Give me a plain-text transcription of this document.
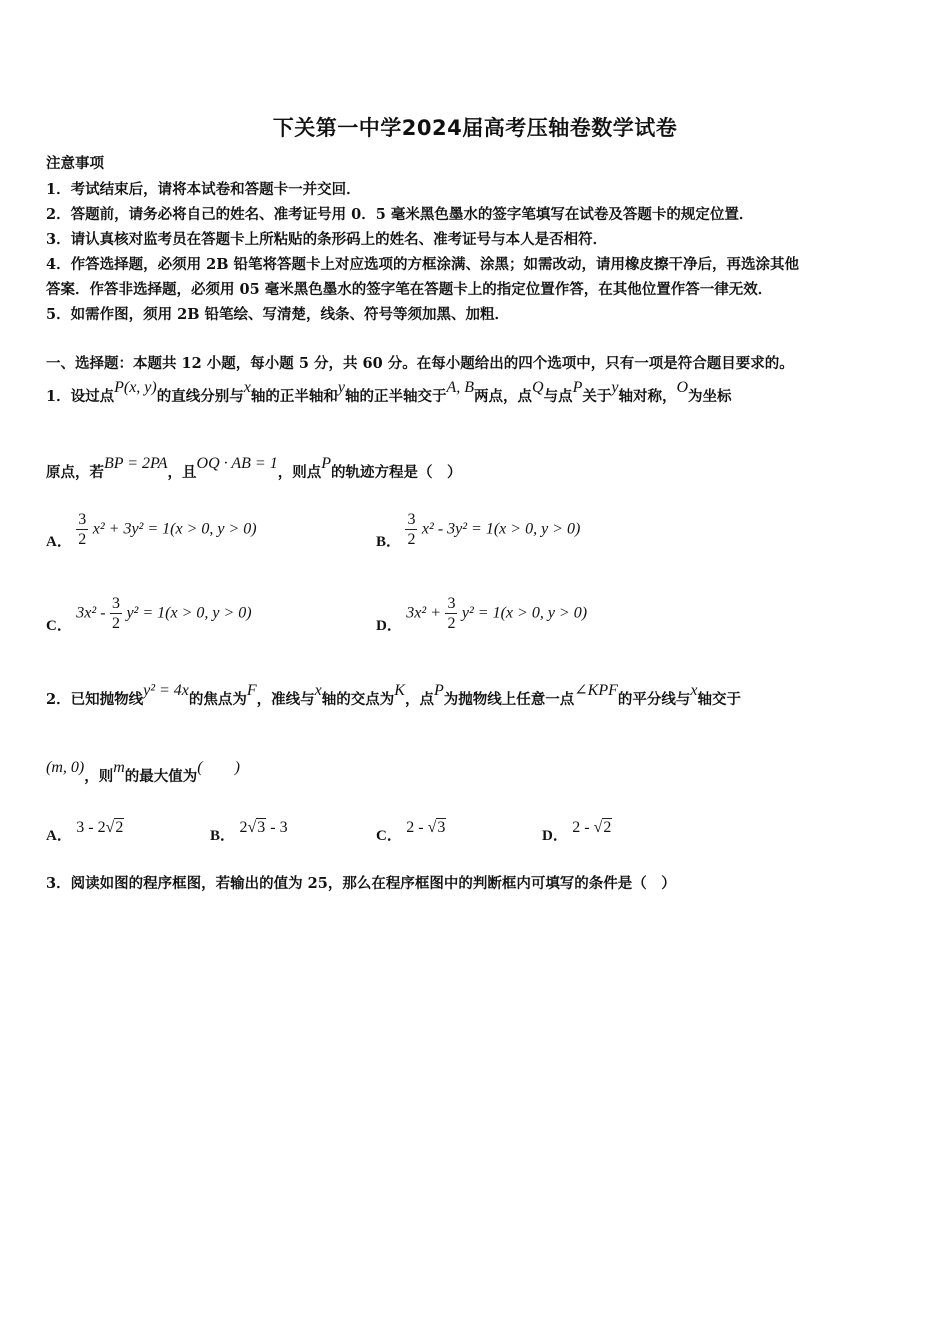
下关第一中学2024届高考压轴卷数学试卷
注意事项
1．考试结束后，请将本试卷和答题卡一并交回．
2．答题前，请务必将自己的姓名、准考证号用 0．5 毫米黑色墨水的签字笔填写在试卷及答题卡的规定位置．
3．请认真核对监考员在答题卡上所粘贴的条形码上的姓名、准考证号与本人是否相符．
4．作答选择题，必须用 2B 铅笔将答题卡上对应选项的方框涂满、涂黑；如需改动，请用橡皮擦干净后，再选涂其他
答案．作答非选择题，必须用 05 毫米黑色墨水的签字笔在答题卡上的指定位置作答，在其他位置作答一律无效．
5．如需作图，须用 2B 铅笔绘、写清楚，线条、符号等须加黑、加粗．
一、选择题：本题共 12 小题，每小题 5 分，共 60 分。在每小题给出的四个选项中，只有一项是符合题目要求的。
1．设过点P(x, y)的直线分别与x轴的正半轴和y轴的正半轴交于A, B两点，点Q与点P关于y轴对称，O为坐标
原点，若BP = 2PA，且OQ · AB = 1，则点P的轨迹方程是（　）
A． $\frac{3}{2} x^2 + 3y^2 = 1(x > 0$, y > 0)
B． $\frac{3}{2} x^2 - 3y^2 = 1(x > 0$, y > 0)
C． $3x^2 - \frac{3}{2} y^2 = 1(x > 0$, y > 0)
D． $3x^2 + \frac{3}{2} y^2 = 1(x > 0$, y > 0)
2．已知抛物线y² = 4x的焦点为F，准线与x轴的交点为K，点P为抛物线上任意一点∠KPF的平分线与x轴交于
(m, 0)，则m的最大值为(　　)
A． 3 - 2√2	B． 2√3 - 3	C． 2 - √3	D． 2 - √2
3．阅读如图的程序框图，若输出的值为 25，那么在程序框图中的判断框内可填写的条件是（　）
